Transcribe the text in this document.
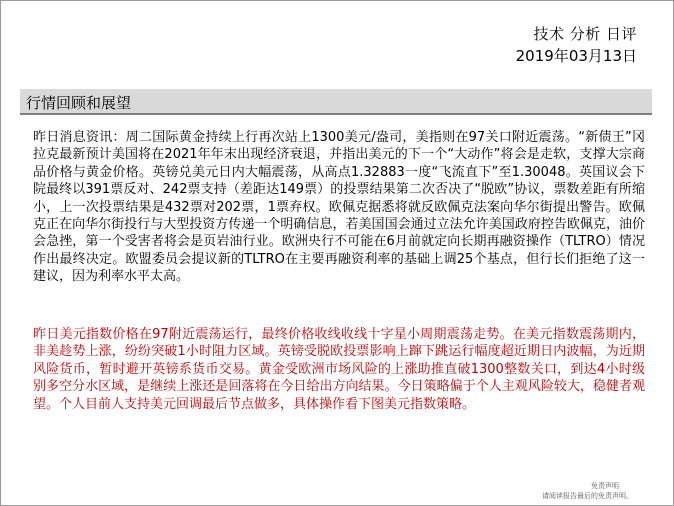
技术 分析 日评
2019年03月13日
行情回顾和展望

昨日消息资讯：周二国际黄金持续上行再次站上1300美元/盎司，美指则在97关口附近震荡。“新债王”冈拉克最新预计美国将在2021年年末出现经济衰退，并指出美元的下一个“大动作”将会是走软，支撑大宗商品价格与黄金价格。英镑兑美元日内大幅震荡，从高点1.32883一度“飞流直下”至1.30048。英国议会下院最终以391票反对、242票支持（差距达149票）的投票结果第二次否决了“脱欧”协议，票数差距有所缩小，上一次投票结果是432票对202票，1票弃权。欧佩克据悉将就反欧佩克法案向华尔街提出警告。欧佩克正在向华尔街投行与大型投资方传递一个明确信息，若美国国会通过立法允许美国政府控告欧佩克，油价会急挫，第一个受害者将会是页岩油行业。欧洲央行不可能在6月前就定向长期再融资操作（TLTRO）情况作出最终决定。欧盟委员会提议新的TLTRO在主要再融资利率的基础上调25个基点，但行长们拒绝了这一建议，因为利率水平太高。

昨日美元指数价格在97附近震荡运行，最终价格收线收线十字星小周期震荡走势。在美元指数震荡期内，非美趁势上涨，纷纷突破1小时阻力区域。英镑受脱欧投票影响上蹿下跳运行幅度超近期日内波幅，为近期风险货币，暂时避开英镑系货币交易。黄金受欧洲市场风险的上涨助推直破1300整数关口，到达4小时级别多空分水区域，是继续上涨还是回落将在今日给出方向结果。今日策略偏于个人主观风险较大，稳健者观望。个人目前人支持美元回调最后节点做多，具体操作看下图美元指数策略。

免责声明
请阅读报告最后的免责声明。
